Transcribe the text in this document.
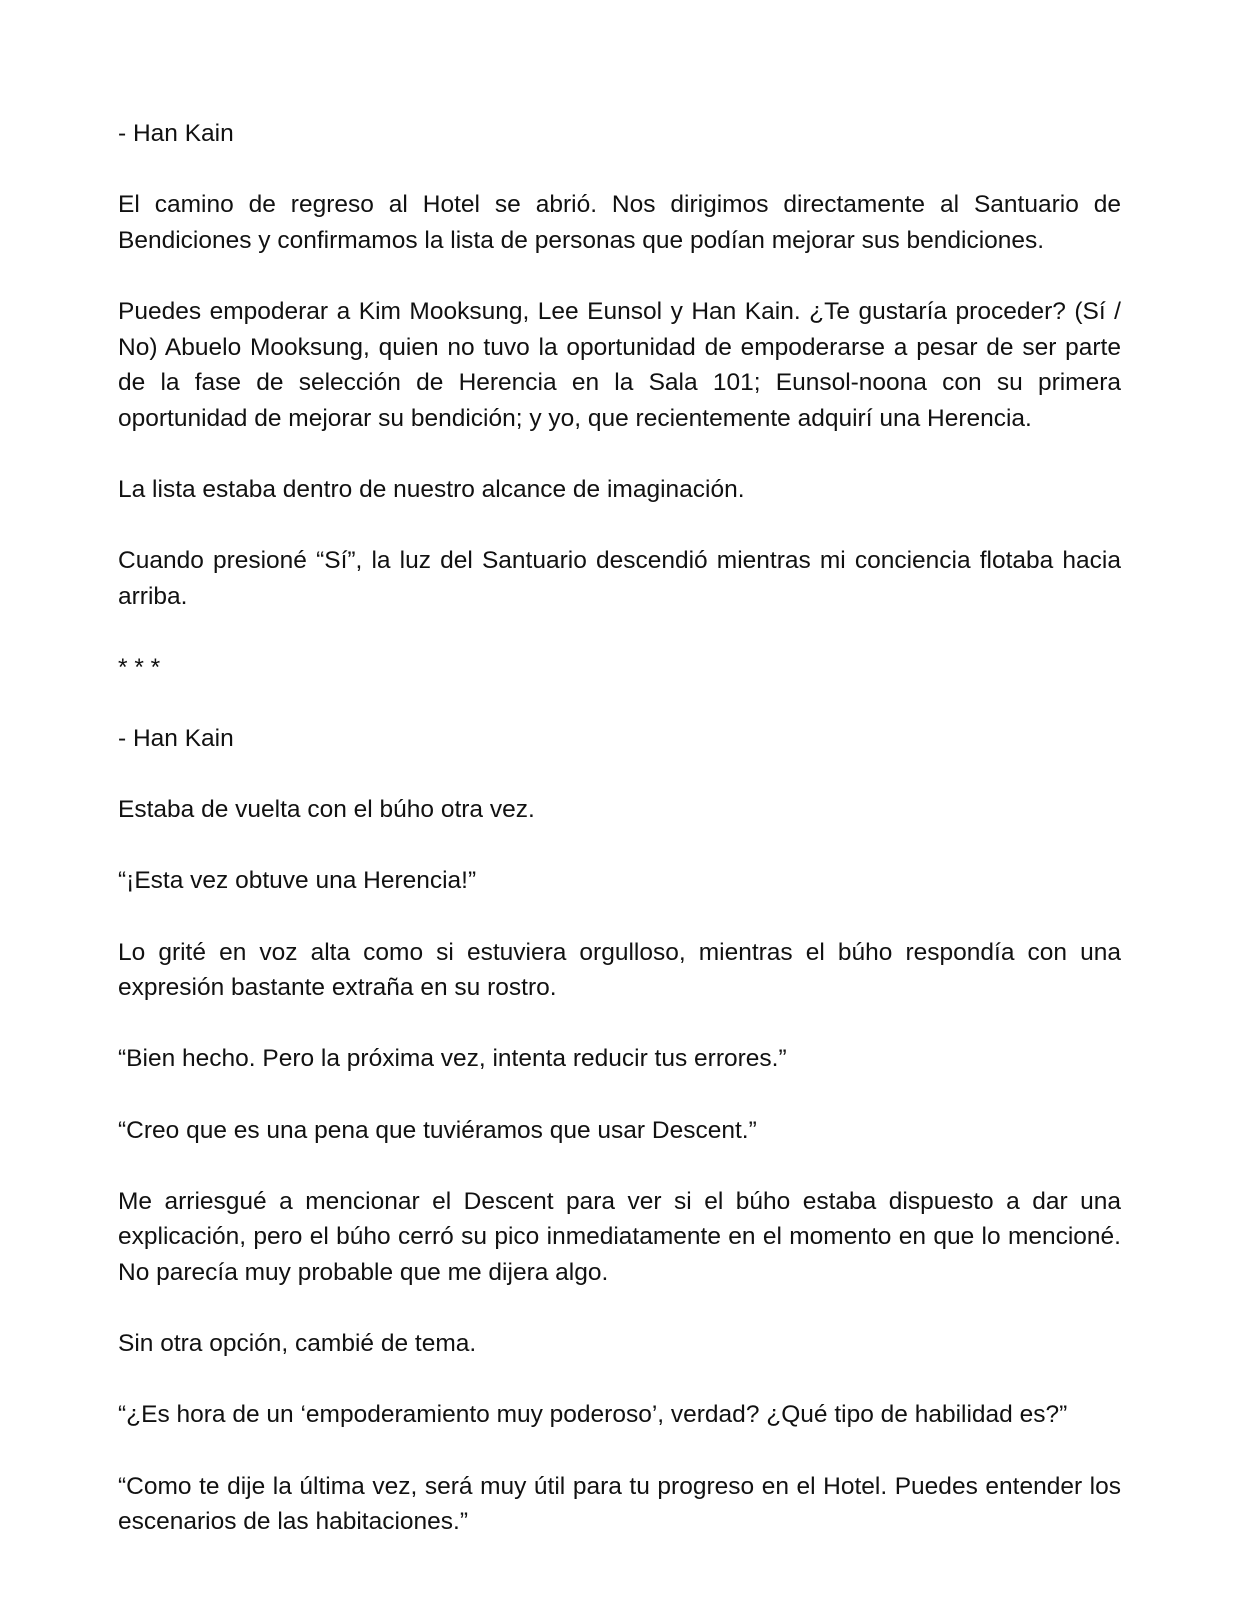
- Han Kain

El camino de regreso al Hotel se abrió. Nos dirigimos directamente al Santuario de Bendiciones y confirmamos la lista de personas que podían mejorar sus bendiciones.

Puedes empoderar a Kim Mooksung, Lee Eunsol y Han Kain. ¿Te gustaría proceder? (Sí / No) Abuelo Mooksung, quien no tuvo la oportunidad de empoderarse a pesar de ser parte de la fase de selección de Herencia en la Sala 101; Eunsol-noona con su primera oportunidad de mejorar su bendición; y yo, que recientemente adquirí una Herencia.

La lista estaba dentro de nuestro alcance de imaginación.

Cuando presioné “Sí”, la luz del Santuario descendió mientras mi conciencia flotaba hacia arriba.

* * *

- Han Kain

Estaba de vuelta con el búho otra vez.

“¡Esta vez obtuve una Herencia!”

Lo grité en voz alta como si estuviera orgulloso, mientras el búho respondía con una expresión bastante extraña en su rostro.

“Bien hecho. Pero la próxima vez, intenta reducir tus errores.”

“Creo que es una pena que tuviéramos que usar Descent.”

Me arriesgué a mencionar el Descent para ver si el búho estaba dispuesto a dar una explicación, pero el búho cerró su pico inmediatamente en el momento en que lo mencioné. No parecía muy probable que me dijera algo.

Sin otra opción, cambié de tema.

“¿Es hora de un ‘empoderamiento muy poderoso’, verdad? ¿Qué tipo de habilidad es?”

“Como te dije la última vez, será muy útil para tu progreso en el Hotel. Puedes entender los escenarios de las habitaciones.”
